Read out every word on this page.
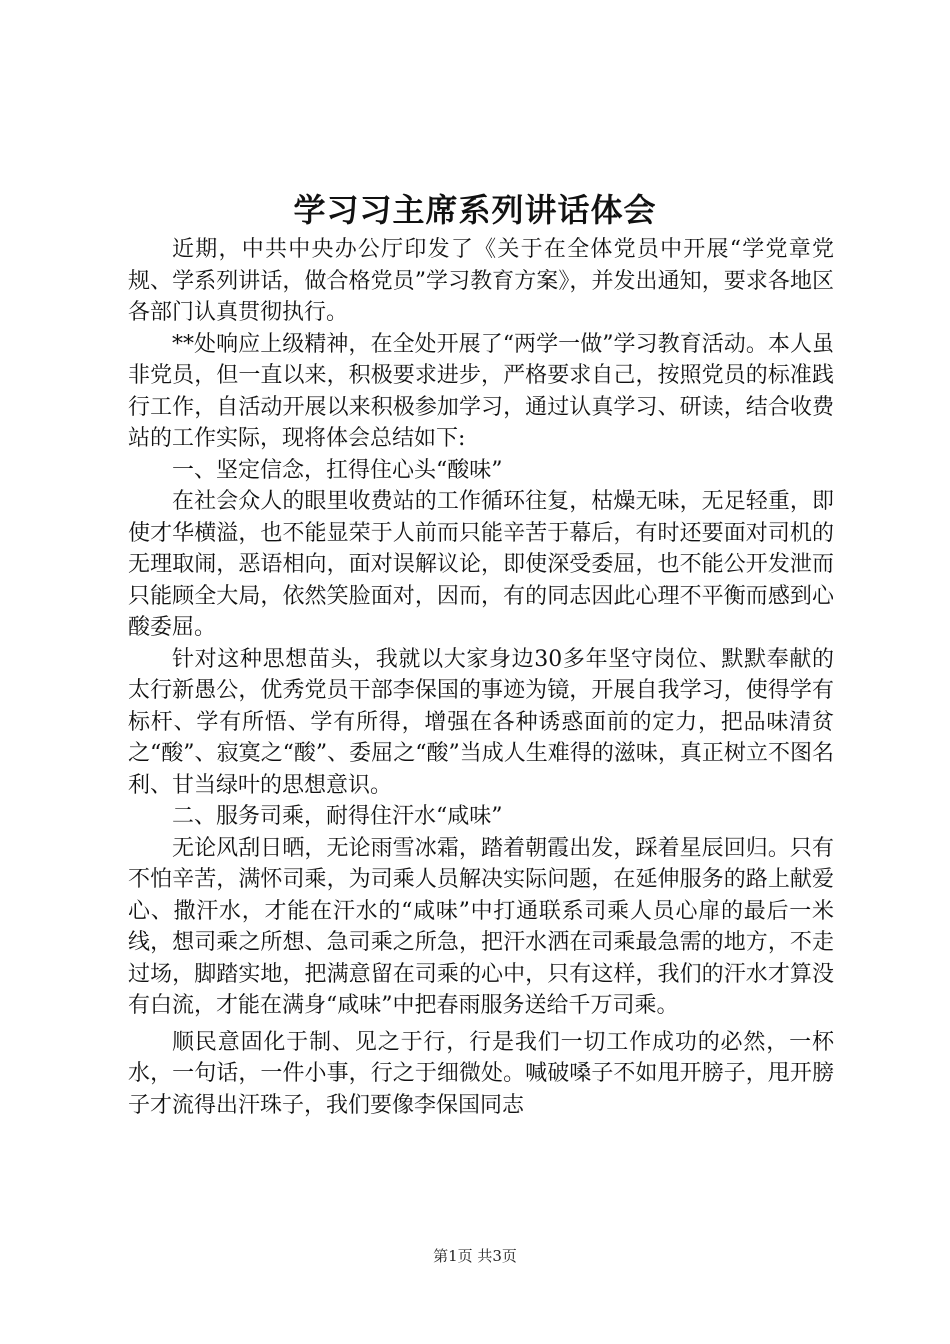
学习习主席系列讲话体会

近期，中共中央办公厅印发了《关于在全体党员中开展“学党章党规、学系列讲话，做合格党员”学习教育方案》，并发出通知，要求各地区各部门认真贯彻执行。

**处响应上级精神，在全处开展了“两学一做”学习教育活动。本人虽非党员，但一直以来，积极要求进步，严格要求自己，按照党员的标准践行工作，自活动开展以来积极参加学习，通过认真学习、研读，结合收费站的工作实际，现将体会总结如下:

一、坚定信念，扛得住心头“酸味”

在社会众人的眼里收费站的工作循环往复，枯燥无味，无足轻重，即使才华横溢，也不能显荣于人前而只能辛苦于幕后，有时还要面对司机的无理取闹，恶语相向，面对误解议论，即使深受委屈，也不能公开发泄而只能顾全大局，依然笑脸面对，因而，有的同志因此心理不平衡而感到心酸委屈。

针对这种思想苗头，我就以大家身边30多年坚守岗位、默默奉献的太行新愚公，优秀党员干部李保国的事迹为镜，开展自我学习，使得学有标杆、学有所悟、学有所得，增强在各种诱惑面前的定力，把品味清贫之“酸”、寂寞之“酸”、委屈之“酸”当成人生难得的滋味，真正树立不图名利、甘当绿叶的思想意识。

二、服务司乘，耐得住汗水“咸味”

无论风刮日晒，无论雨雪冰霜，踏着朝霞出发，踩着星辰回归。只有不怕辛苦，满怀司乘，为司乘人员解决实际问题，在延伸服务的路上献爱心、撒汗水，才能在汗水的“咸味”中打通联系司乘人员心扉的最后一米线，想司乘之所想、急司乘之所急，把汗水洒在司乘最急需的地方，不走过场，脚踏实地，把满意留在司乘的心中，只有这样，我们的汗水才算没有白流，才能在满身“咸味”中把春雨服务送给千万司乘。

顺民意固化于制、见之于行，行是我们一切工作成功的必然，一杯水，一句话，一件小事，行之于细微处。喊破嗓子不如甩开膀子，甩开膀子才流得出汗珠子，我们要像李保国同志

第1页 共3页
